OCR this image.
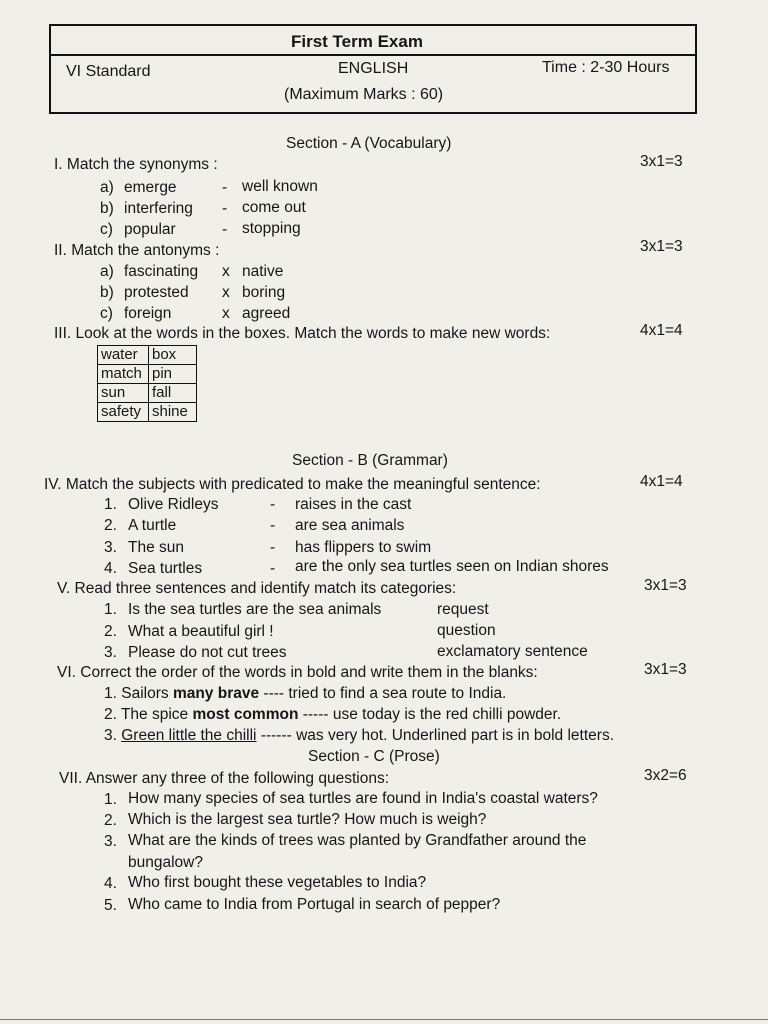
First Term Exam
VI Standard	ENGLISH	Time : 2-30 Hours
(Maximum Marks : 60)
Section - A (Vocabulary)
I. Match the synonyms :	3x1=3
a) emerge	- well known
b) interfering - come out
c) popular	- stopping
II. Match the antonyms :	3x1=3
a) fascinating x native
b) protested x boring
c) foreign	x agreed
III. Look at the words in the boxes. Match the words to make new words:	4x1=4
water	box
match	pin
sun	fall
safety	shine
Section - B (Grammar)
IV. Match the subjects with predicated to make the meaningful sentence:	4x1=4
1. Olive Ridleys	- raises in the cast
2. A turtle	- are sea animals
3. The sun	- has flippers to swim
4. Sea turtles	- are the only sea turtles seen on Indian shores
V. Read three sentences and identify match its categories:	3x1=3
1. Is the sea turtles are the sea animals	request
2. What a beautiful girl !	question
3. Please do not cut trees	exclamatory sentence
VI. Correct the order of the words in bold and write them in the blanks:	3x1=3
1. Sailors many brave ---- tried to find a sea route to India.
2. The spice most common ----- use today is the red chilli powder.
3. Green little the chilli ------ was very hot. Underlined part is in bold letters.
Section - C (Prose)
VII. Answer any three of the following questions:	3x2=6
1. How many species of sea turtles are found in India's coastal waters?
2. Which is the largest sea turtle? How much is weigh?
3. What are the kinds of trees was planted by Grandfather around the
bungalow?
4. Who first bought these vegetables to India?
5. Who came to India from Portugal in search of pepper?
